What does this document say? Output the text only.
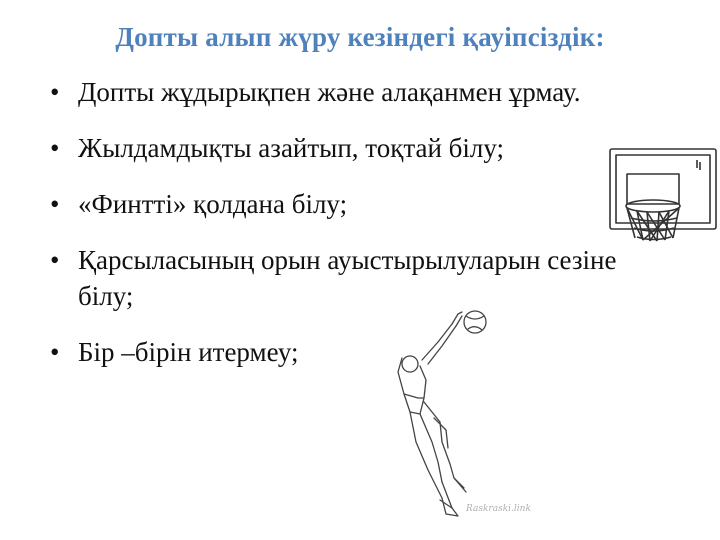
Допты алып жүру кезіндегі қауіпсіздік:
• Допты жұдырықпен және алақанмен ұрмау.
• Жылдамдықты азайтып, тоқтай білу;
• «Финтті» қолдана білу;
• Қарсыласының орын ауыстырылуларын сезіне білу;
• Бір –бірін итермеу;
Raskraski.link
